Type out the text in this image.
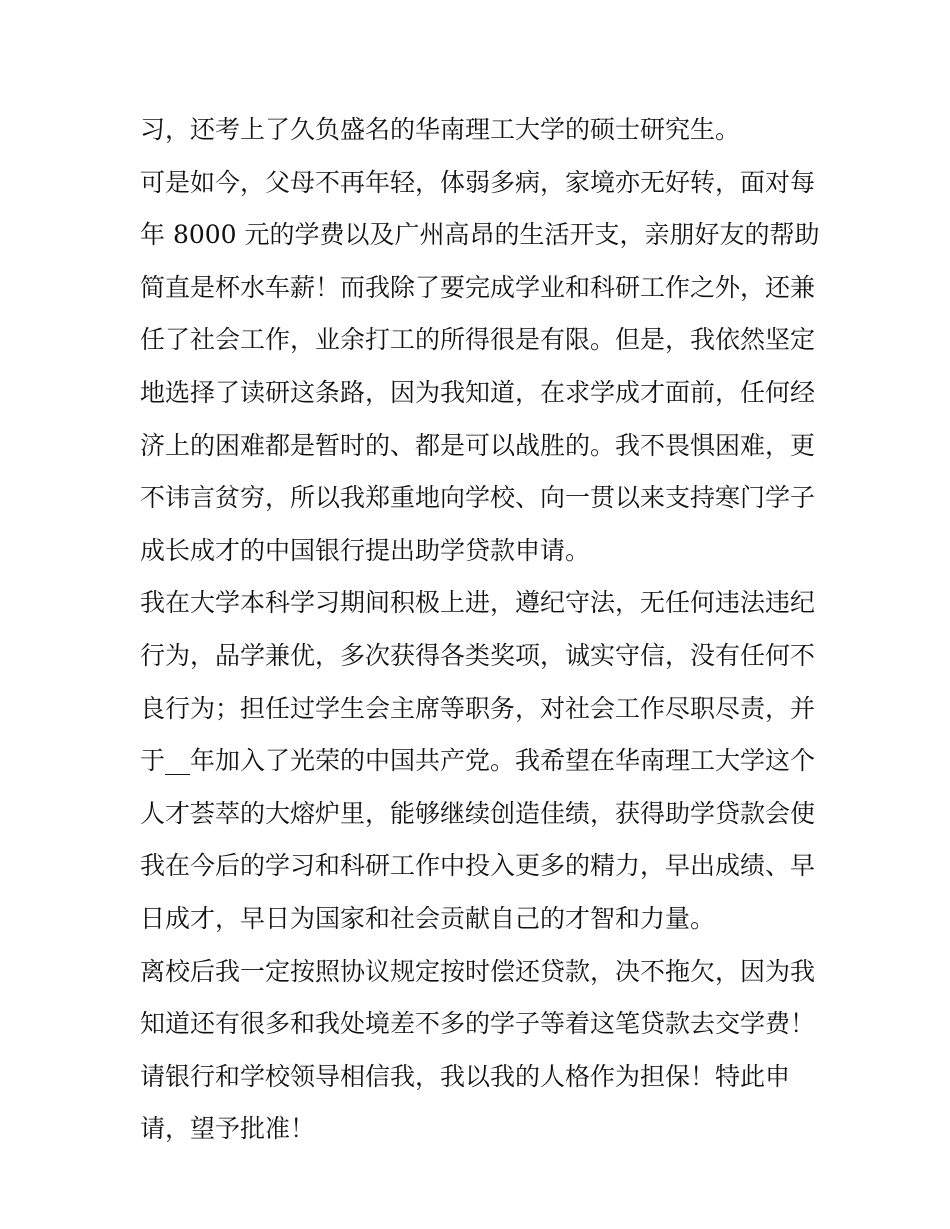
习，还考上了久负盛名的华南理工大学的硕士研究生。
可是如今，父母不再年轻，体弱多病，家境亦无好转，面对每
年 8000 元的学费以及广州高昂的生活开支，亲朋好友的帮助
简直是杯水车薪！而我除了要完成学业和科研工作之外，还兼
任了社会工作，业余打工的所得很是有限。但是，我依然坚定
地选择了读研这条路，因为我知道，在求学成才面前，任何经
济上的困难都是暂时的、都是可以战胜的。我不畏惧困难，更
不讳言贫穷，所以我郑重地向学校、向一贯以来支持寒门学子
成长成才的中国银行提出助学贷款申请。
我在大学本科学习期间积极上进，遵纪守法，无任何违法违纪
行为，品学兼优，多次获得各类奖项，诚实守信，没有任何不
良行为；担任过学生会主席等职务，对社会工作尽职尽责，并
于__年加入了光荣的中国共产党。我希望在华南理工大学这个
人才荟萃的大熔炉里，能够继续创造佳绩，获得助学贷款会使
我在今后的学习和科研工作中投入更多的精力，早出成绩、早
日成才，早日为国家和社会贡献自己的才智和力量。
离校后我一定按照协议规定按时偿还贷款，决不拖欠，因为我
知道还有很多和我处境差不多的学子等着这笔贷款去交学费！
请银行和学校领导相信我，我以我的人格作为担保！特此申
请，望予批准！
